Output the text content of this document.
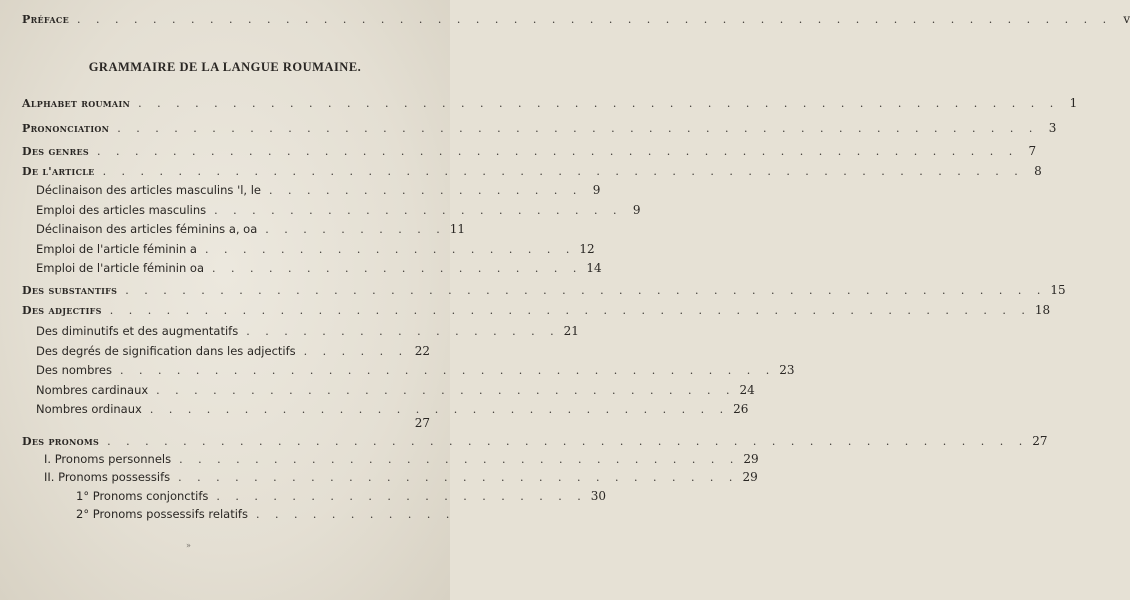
Préface . . . . . . . . . . . . . . . . . . . . . . . . . . . . . . . . . . . . . . . . . . . . . . . . . . . . . . . v
GRAMMAIRE DE LA LANGUE ROUMAINE.
Alphabet roumain . . . . . . . . . . . . . . . . . . . . . . . . . . . . . . . . . . . . . . . . . . . . . . . . . 1
Prononciation . . . . . . . . . . . . . . . . . . . . . . . . . . . . . . . . . . . . . . . . . . . . . . . . . 3
Des genres . . . . . . . . . . . . . . . . . . . . . . . . . . . . . . . . . . . . . . . . . . . . . . . . . 7
De l'article . . . . . . . . . . . . . . . . . . . . . . . . . . . . . . . . . . . . . . . . . . . . . . . . . 8
Déclinaison des articles masculins 'l, le . . . . . . . . . . . . . . . . . 9
Emploi des articles masculins . . . . . . . . . . . . . . . . . . . . . . 9
Déclinaison des articles féminins a, oa . . . . . . . . . . 11
Emploi de l'article féminin a . . . . . . . . . . . . . . . . . . . . 12
Emploi de l'article féminin oa . . . . . . . . . . . . . . . . . . . . 14
Des substantifs . . . . . . . . . . . . . . . . . . . . . . . . . . . . . . . . . . . . . . . . . . . . . . . . . 15
Des adjectifs . . . . . . . . . . . . . . . . . . . . . . . . . . . . . . . . . . . . . . . . . . . . . . . . . 18
Des diminutifs et des augmentatifs . . . . . . . . . . . . . . . . . 21
Des degrés de signification dans les adjectifs . . . . . . 22
Des nombres . . . . . . . . . . . . . . . . . . . . . . . . . . . . . . . . . . . 23
Nombres cardinaux . . . . . . . . . . . . . . . . . . . . . . . . . . . . . . . 24
Nombres ordinaux . . . . . . . . . . . . . . . . . . . . . . . . . . . . . . . 26
27
Des pronoms . . . . . . . . . . . . . . . . . . . . . . . . . . . . . . . . . . . . . . . . . . . . . . . . . 27
I. Pronoms personnels . . . . . . . . . . . . . . . . . . . . . . . . . . . . . . 29
II. Pronoms possessifs . . . . . . . . . . . . . . . . . . . . . . . . . . . . . . 29
1° Pronoms conjonctifs . . . . . . . . . . . . . . . . . . . . 30
2° Pronoms possessifs relatifs . . . . . . . . . . .
»
